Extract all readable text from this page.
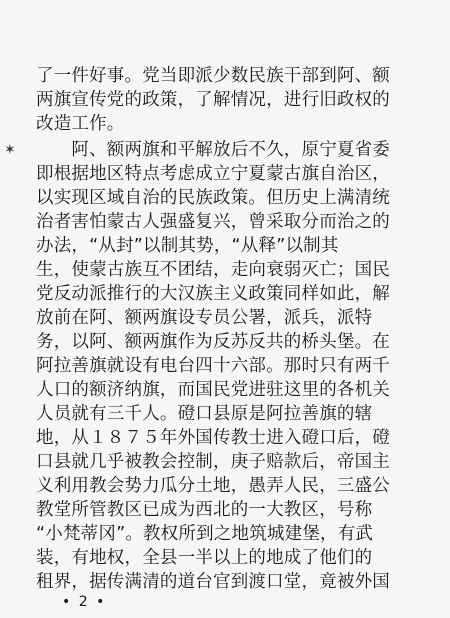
✶
了一件好事。党当即派少数民族干部到阿、额
两旗宣传党的政策，了解情况，进行旧政权的
改造工作。
　　阿、额两旗和平解放后不久，原宁夏省委
即根据地区特点考虑成立宁夏蒙古旗自治区，
以实现区域自治的民族政策。但历史上满清统
治者害怕蒙古人强盛复兴，曾采取分而治之的
办法，“从封”以制其势，“从释”以制其
生，使蒙古族互不团结，走向衰弱灭亡；国民
党反动派推行的大汉族主义政策同样如此，解
放前在阿、额两旗设专员公署，派兵，派特
务，以阿、额两旗作为反苏反共的桥头堡。在
阿拉善旗就设有电台四十六部。那时只有两千
人口的额济纳旗，而国民党进驻这里的各机关
人员就有三千人。磴口县原是阿拉善旗的辖
地，从１８７５年外国传教士进入磴口后，磴
口县就几乎被教会控制，庚子赔款后，帝国主
义利用教会势力瓜分土地，愚弄人民，三盛公
教堂所管教区已成为西北的一大教区，号称
“小梵蒂冈”。教权所到之地筑城建堡，有武
装，有地权，全县一半以上的地成了他们的
租界，据传满清的道台官到渡口堂，竟被外国
• 2 •
